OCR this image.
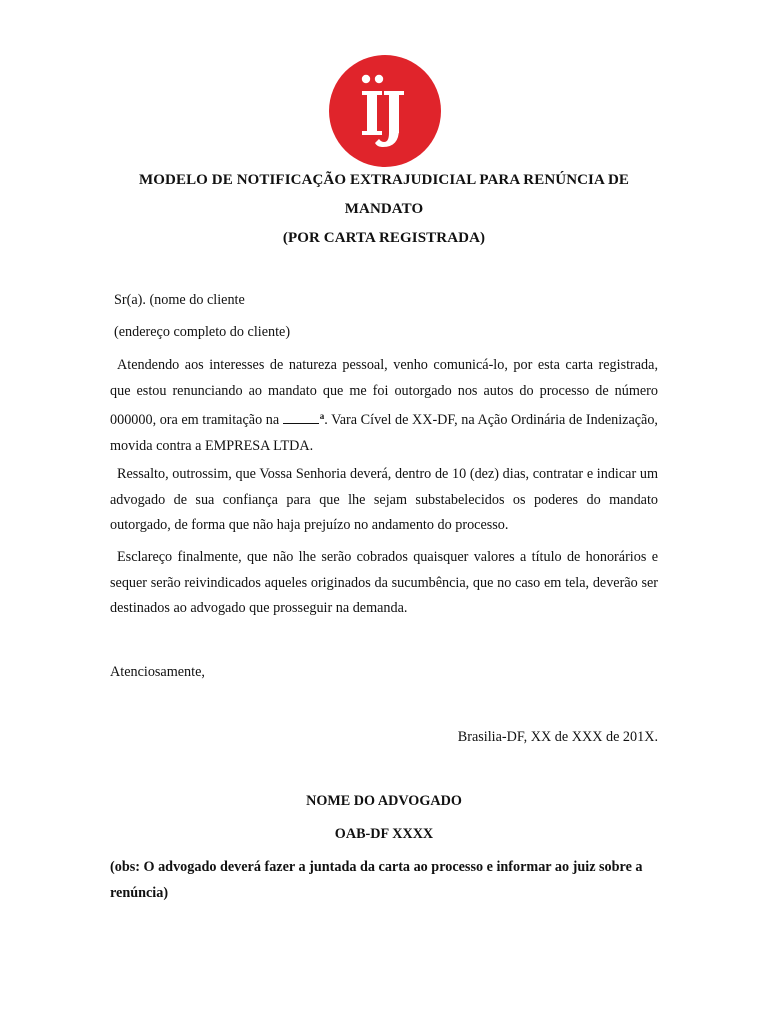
MODELO DE NOTIFICAÇÃO EXTRAJUDICIAL PARA RENÚNCIA DE MANDATO
(POR CARTA REGISTRADA)
Sr(a). (nome do cliente
(endereço completo do cliente)
Atendendo aos interesses de natureza pessoal, venho comunicá-lo, por esta carta registrada, que estou renunciando ao mandato que me foi outorgado nos autos do processo de número 000000, ora em tramitação na	$^a$. Vara Cível de XX-DF, na Ação Ordinária de Indenização, movida contra a EMPRESA LTDA.
Ressalto, outrossim, que Vossa Senhoria deverá, dentro de 10 (dez) dias, contratar e indicar um advogado de sua confiança para que lhe sejam substabelecidos os poderes do mandato outorgado, de forma que não haja prejuízo no andamento do processo.
Esclareço finalmente, que não lhe serão cobrados quaisquer valores a título de honorários e sequer serão reivindicados aqueles originados da sucumbência, que no caso em tela, deverão ser destinados ao advogado que prosseguir na demanda.
Atenciosamente,
Brasilia-DF, XX de XXX de 201X.
NOME DO ADVOGADO
OAB-DF XXXX
(obs: O advogado deverá fazer a juntada da carta ao processo e informar ao juiz sobre a renúncia)
